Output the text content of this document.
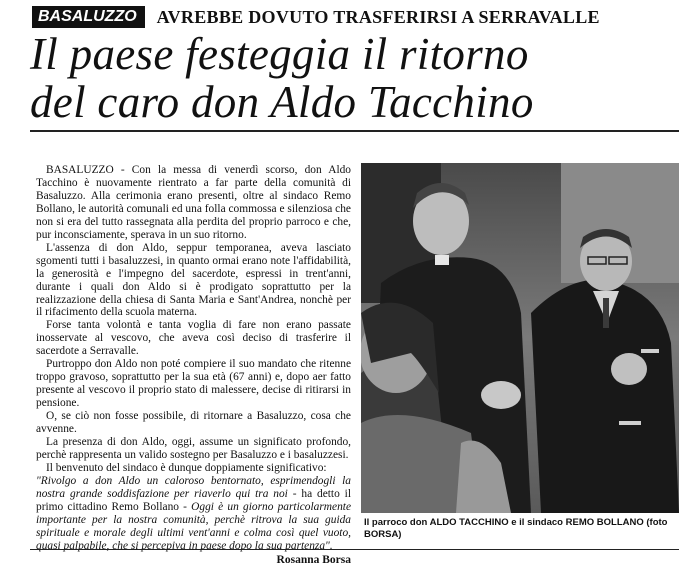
BASALUZZO	AVREBBE DOVUTO TRASFERIRSI A SERRAVALLE
Il paese festeggia il ritorno
del caro don Aldo Tacchino

BASALUZZO - Con la messa di venerdì scorso, don Aldo Tacchino è nuovamente rientrato a far parte della comunità di Basaluzzo. Alla cerimonia erano presenti, oltre al sindaco Remo Bollano, le autorità comunali ed una folla commossa e silenziosa che non si era del tutto rassegnata alla perdita del proprio parroco e che, pur inconsciamente, sperava in un suo ritorno.

L'assenza di don Aldo, seppur temporanea, aveva lasciato sgomenti tutti i basaluzzesi, in quanto ormai erano note l'affidabilità, la generosità e l'impegno del sacerdote, espressi in trent'anni, durante i quali don Aldo si è prodigato soprattutto per la realizzazione della chiesa di Santa Maria e Sant'Andrea, nonchè per il rifacimento della scuola materna.

Forse tanta volontà e tanta voglia di fare non erano passate inosservate al vescovo, che aveva così deciso di trasferire il sacerdote a Serravalle.

Purtroppo don Aldo non poté compiere il suo mandato che ritenne troppo gravoso, soprattutto per la sua età (67 anni) e, dopo aer fatto presente al vescovo il proprio stato di malessere, decise di ritirarsi in pensione.

O, se ciò non fosse possibile, di ritornare a Basaluzzo, cosa che avvenne.

La presenza di don Aldo, oggi, assume un significato profondo, perchè rappresenta un valido sostegno per Basaluzzo e i basaluzzesi.

Il benvenuto del sindaco è dunque doppiamente significativo:
"Rivolgo a don Aldo un caloroso bentornato, esprimendogli la nostra grande soddisfazione per riaverlo qui tra noi - ha detto il primo cittadino Remo Bollano - Oggi è un giorno particolarmente importante per la nostra comunità, perchè ritrova la sua guida spirituale e morale degli ultimi vent'anni e colma così quel vuoto, quasi palpabile, che si percepiva in paese dopo la sua partenza".

Rosanna Borsa
Il parroco don ALDO TACCHINO e il sindaco REMO BOLLANO (foto BORSA)
